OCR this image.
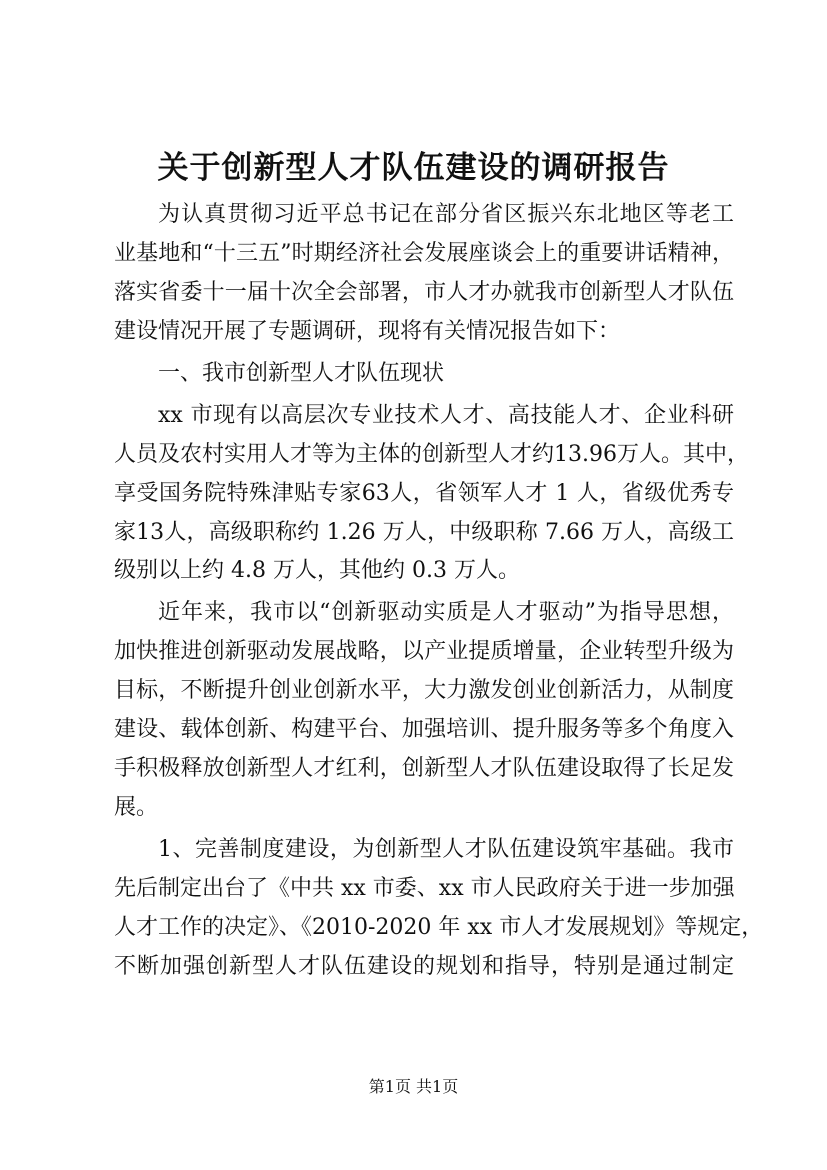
关于创新型人才队伍建设的调研报告
为认真贯彻习近平总书记在部分省区振兴东北地区等老工
业基地和“十三五”时期经济社会发展座谈会上的重要讲话精神，
落实省委十一届十次全会部署，市人才办就我市创新型人才队伍
建设情况开展了专题调研，现将有关情况报告如下：
一、我市创新型人才队伍现状
xx 市现有以高层次专业技术人才、高技能人才、企业科研
人员及农村实用人才等为主体的创新型人才约13.96万人。其中，
享受国务院特殊津贴专家63人，省领军人才 1 人，省级优秀专
家13人，高级职称约 1.26 万人，中级职称 7.66 万人，高级工
级别以上约 4.8 万人，其他约 0.3 万人。
近年来，我市以“创新驱动实质是人才驱动”为指导思想，
加快推进创新驱动发展战略，以产业提质增量，企业转型升级为
目标，不断提升创业创新水平，大力激发创业创新活力，从制度
建设、载体创新、构建平台、加强培训、提升服务等多个角度入
手积极释放创新型人才红利，创新型人才队伍建设取得了长足发
展。
1、完善制度建设，为创新型人才队伍建设筑牢基础。我市
先后制定出台了《中共 xx 市委、xx 市人民政府关于进一步加强
人才工作的决定》、《2010-2020 年 xx 市人才发展规划》等规定，
不断加强创新型人才队伍建设的规划和指导，特别是通过制定
第1页 共1页
